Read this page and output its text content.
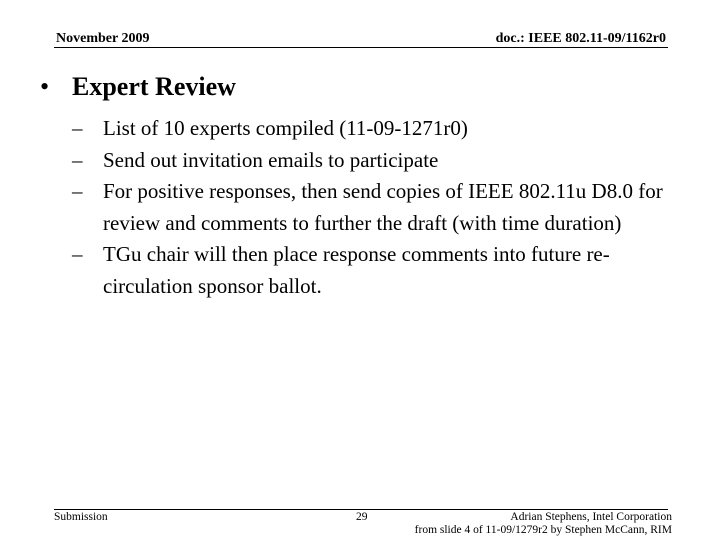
November 2009	doc.: IEEE 802.11-09/1162r0
• Expert Review
– List of 10 experts compiled (11-09-1271r0)
– Send out invitation emails to participate
– For positive responses, then send copies of IEEE 802.11u D8.0 for review and comments to further the draft (with time duration)
– TGu chair will then place response comments into future re-circulation sponsor ballot.
Submission	29	Adrian Stephens, Intel Corporation
from slide 4 of 11-09/1279r2 by Stephen McCann, RIM
